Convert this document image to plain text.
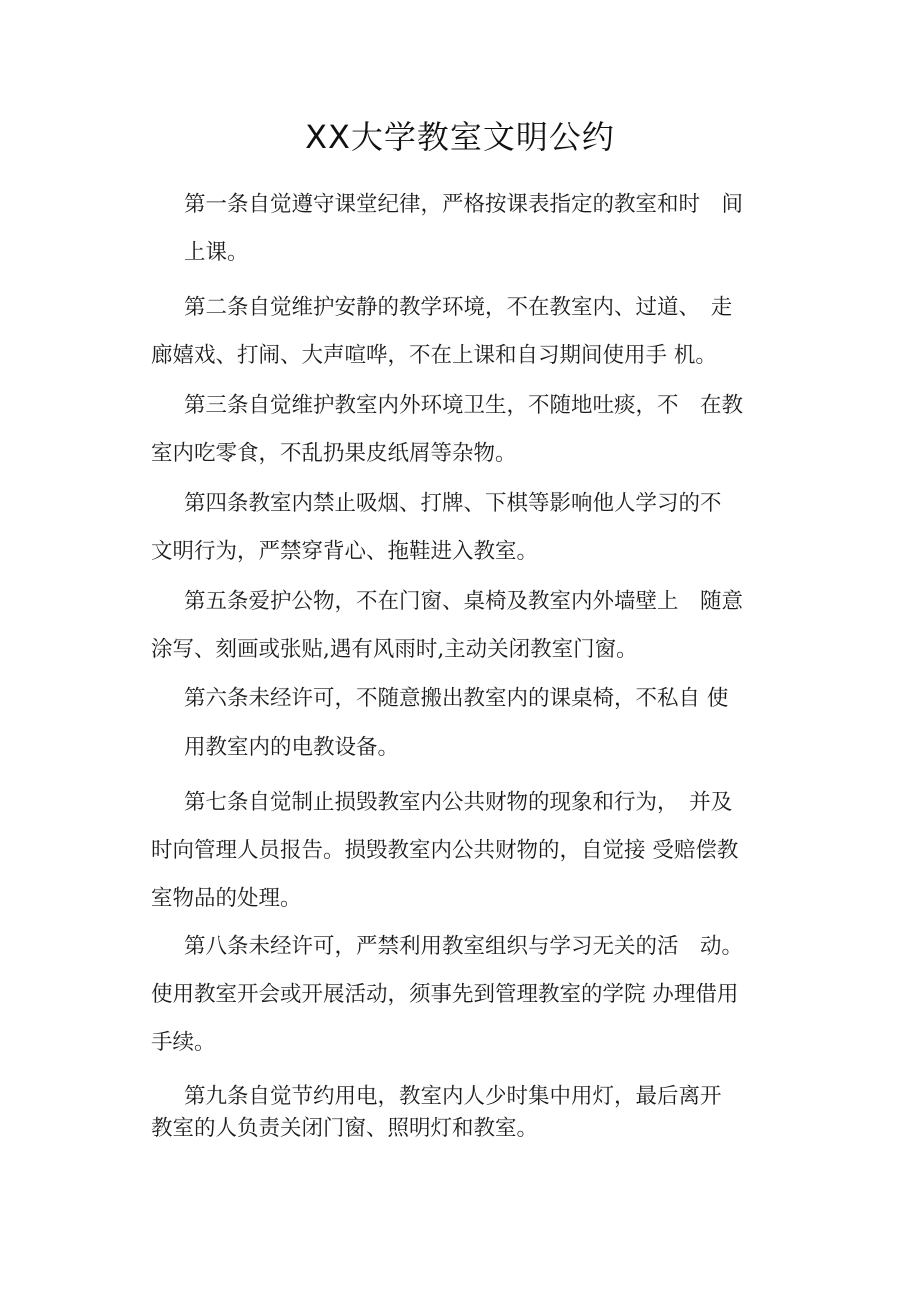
XX大学教室文明公约

第一条自觉遵守课堂纪律，严格按课表指定的教室和时　间

上课。

第二条自觉维护安静的教学环境，不在教室内、过道、　走

廊嬉戏、打闹、大声喧哗，不在上课和自习期间使用手 机。

第三条自觉维护教室内外环境卫生，不随地吐痰，不　在教

室内吃零食，不乱扔果皮纸屑等杂物。

第四条教室内禁止吸烟、打牌、下棋等影响他人学习的不

文明行为，严禁穿背心、拖鞋进入教室。

第五条爱护公物，不在门窗、桌椅及教室内外墙壁上　随意

涂写、刻画或张贴,遇有风雨时,主动关闭教室门窗。

第六条未经许可，不随意搬出教室内的课桌椅，不私自 使

用教室内的电教设备。

第七条自觉制止损毁教室内公共财物的现象和行为，　并及

时向管理人员报告。损毁教室内公共财物的，自觉接 受赔偿教

室物品的处理。

第八条未经许可，严禁利用教室组织与学习无关的活　动。

使用教室开会或开展活动，须事先到管理教室的学院 办理借用

手续。

第九条自觉节约用电，教室内人少时集中用灯，最后离开

教室的人负责关闭门窗、照明灯和教室。
